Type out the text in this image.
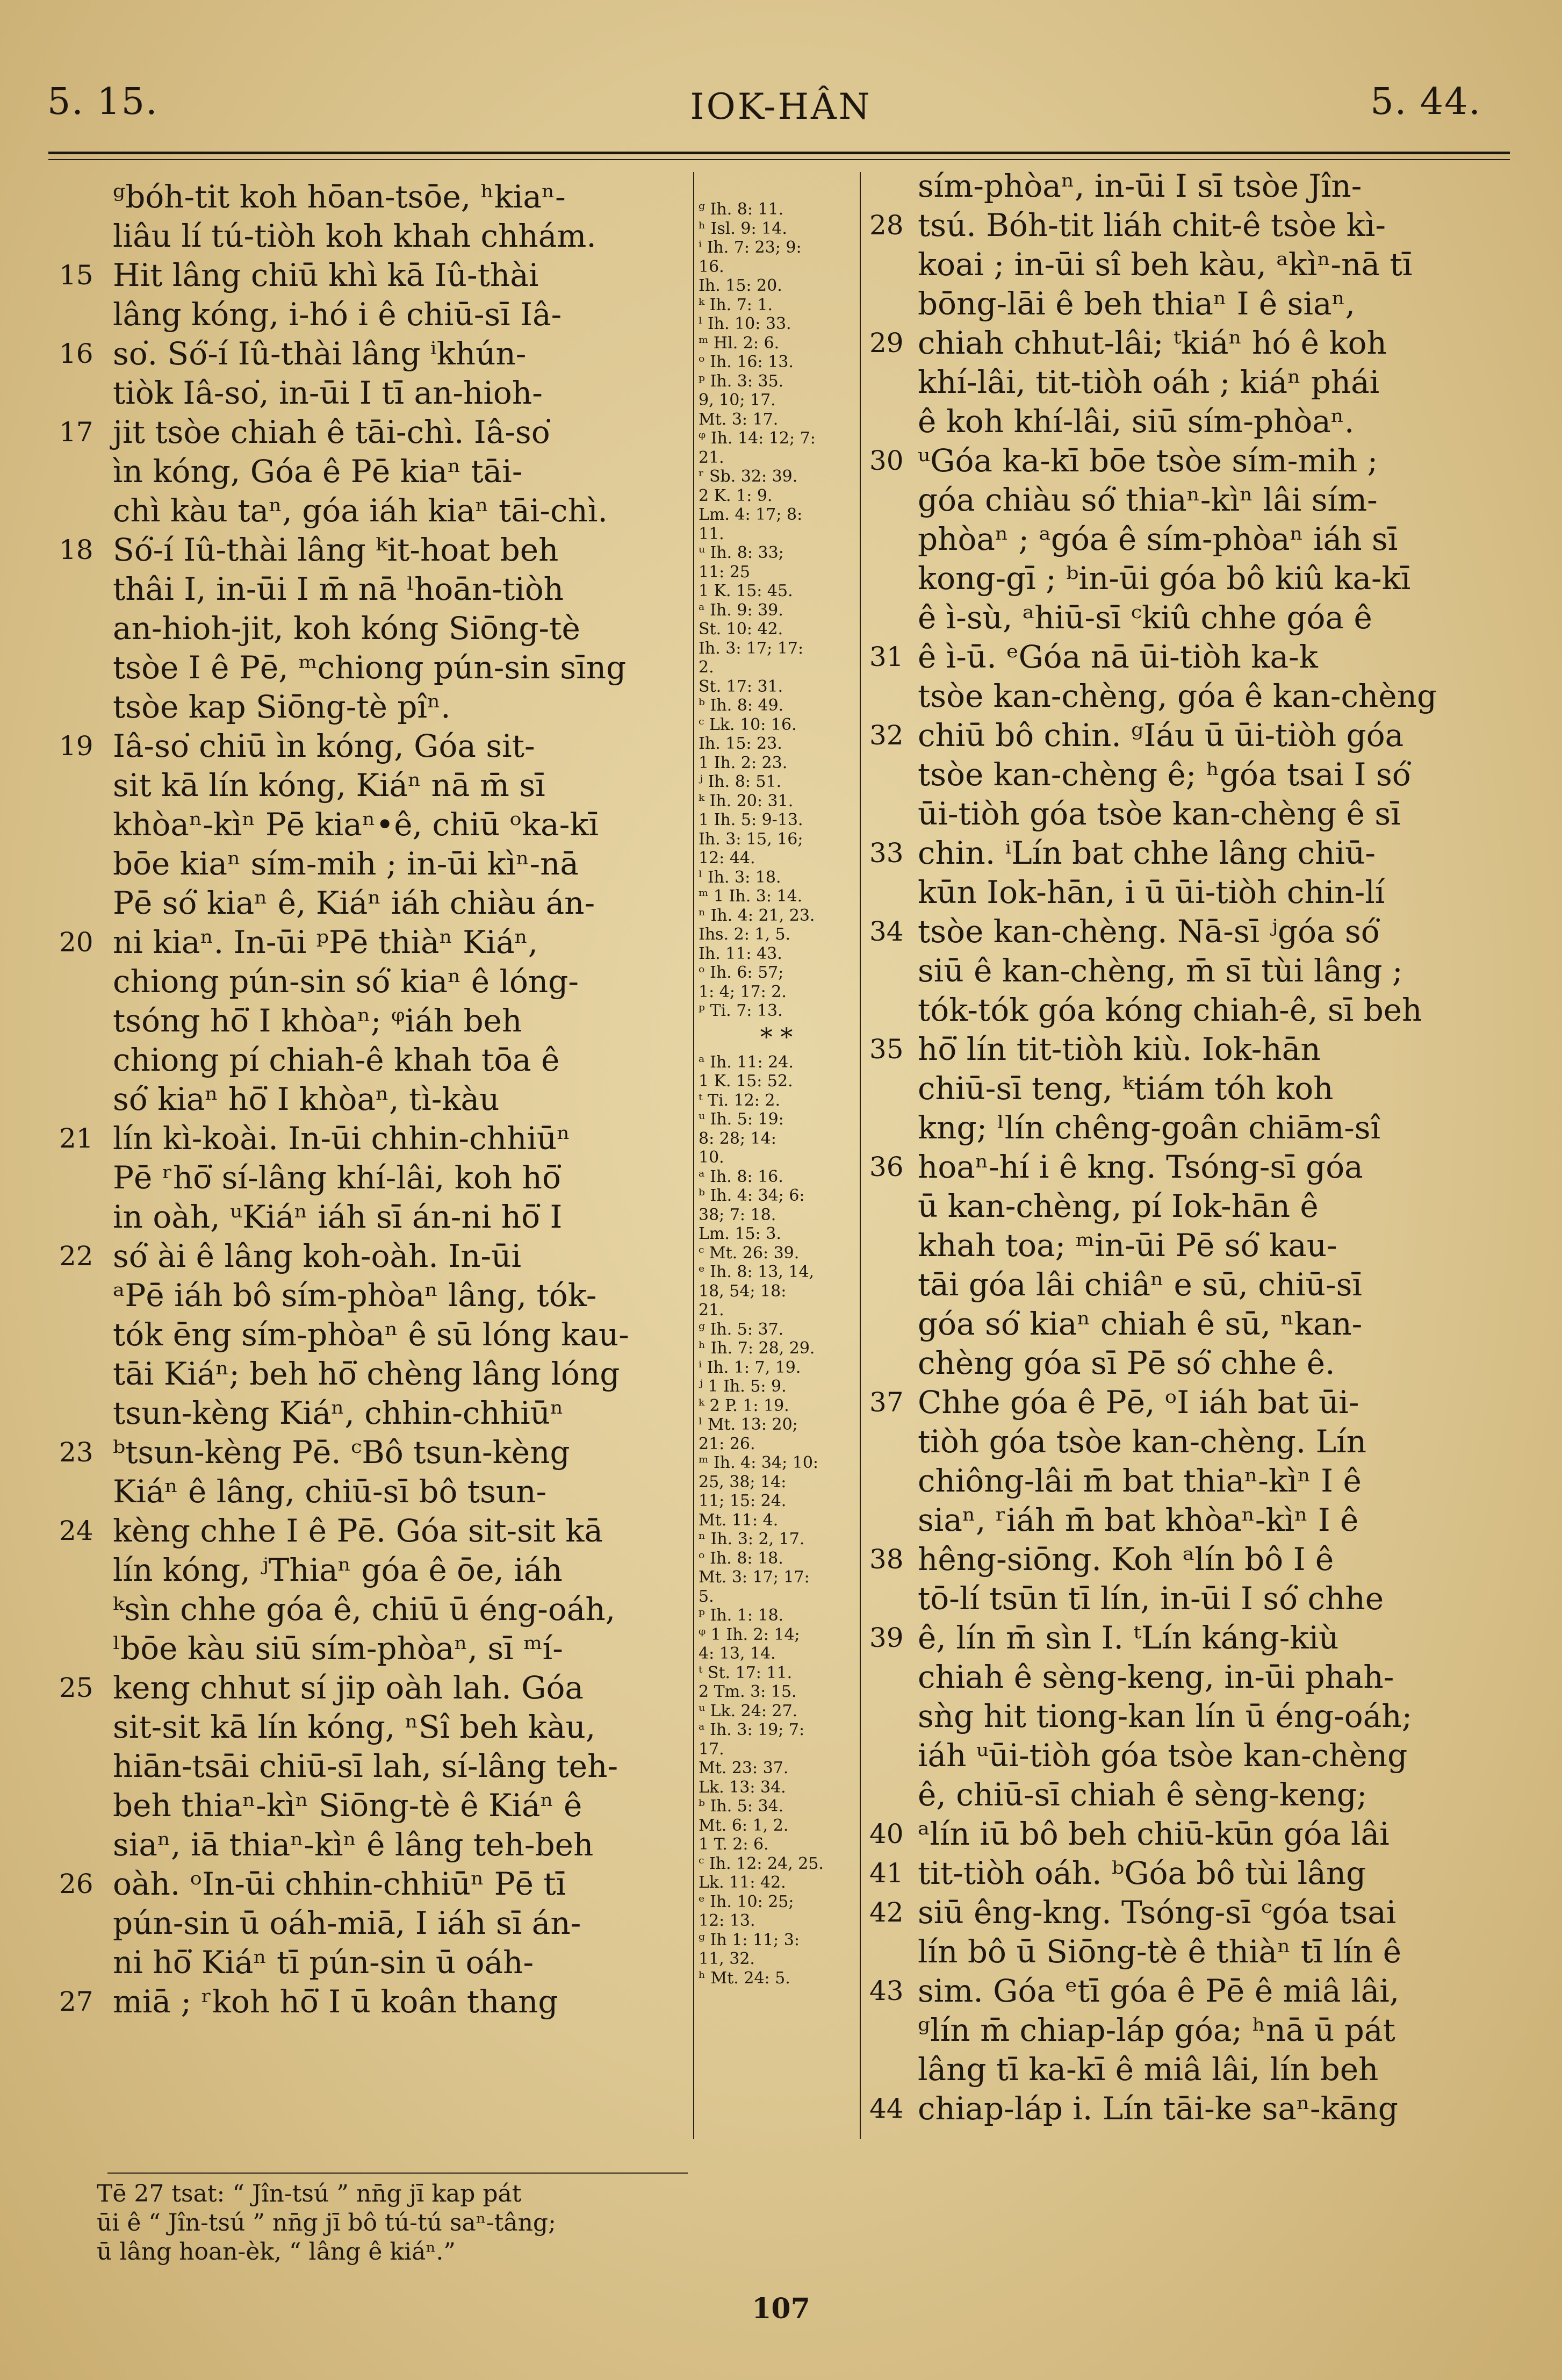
5. 15.	IOK-HÂN	5. 44.
ᵍbóh-tit koh hōan-tsōe, ʰkiaⁿ-
liâu lí tú-tiòh koh khah chhám.
15 Hit lâng chiū khì kā Iû-thài
lâng kóng, i-hó i ê chiū-sī Iâ-
16 so͘. Só͘-í Iû-thài lâng ⁱkhún-
tiòk Iâ-so͘, in-ūi I tī an-hioh-
17 jit tsòe chiah ê tāi-chì. Iâ-so͘
ìn kóng, Góa ê Pē kiaⁿ tāi-
chì kàu taⁿ, góa iáh kiaⁿ tāi-chì.
18 Só͘-í Iû-thài lâng ᵏit-hoat beh
thâi I, in-ūi I m̄ nā ˡhoān-tiòh
an-hioh-jit, koh kóng Siōng-tè
tsòe I ê Pē, ᵐchiong pún-sin sīng
tsòe kap Siōng-tè pîⁿ.
19 Iâ-so͘ chiū ìn kóng, Góa sit-
sit kā lín kóng, Kiáⁿ nā m̄ sī
khòaⁿ-kìⁿ Pē kiaⁿ•ê, chiū ᵒka-kī
bōe kiaⁿ sím-mih ; in-ūi kìⁿ-nā
Pē só͘ kiaⁿ ê, Kiáⁿ iáh chiàu án-
20 ni kiaⁿ. In-ūi ᵖPē thiàⁿ Kiáⁿ,
chiong pún-sin só͘ kiaⁿ ê lóng-
tsóng hō͘ I khòaⁿ; ᵠiáh beh
chiong pí chiah-ê khah tōa ê
só͘ kiaⁿ hō͘ I khòaⁿ, tì-kàu
21 lín kì-koài. In-ūi chhin-chhiūⁿ
Pē ʳhō͘ sí-lâng khí-lâi, koh hō͘
in oàh, ᵘKiáⁿ iáh sī án-ni hō͘ I
22 só͘ ài ê lâng koh-oàh. In-ūi
ᵃPē iáh bô sím-phòaⁿ lâng, tók-
tók ēng sím-phòaⁿ ê sū lóng kau-
tāi Kiáⁿ; beh hō͘ chèng lâng lóng
tsun-kèng Kiáⁿ, chhin-chhiūⁿ
23 ᵇtsun-kèng Pē. ᶜBô tsun-kèng
Kiáⁿ ê lâng, chiū-sī bô tsun-
24 kèng chhe I ê Pē. Góa sit-sit kā
lín kóng, ʲThiaⁿ góa ê ōe, iáh
ᵏsìn chhe góa ê, chiū ū éng-oáh,
ˡbōe kàu siū sím-phòaⁿ, sī ᵐí-
25 keng chhut sí jip oàh lah. Góa
sit-sit kā lín kóng, ⁿSî beh kàu,
hiān-tsāi chiū-sī lah, sí-lâng teh-
beh thiaⁿ-kìⁿ Siōng-tè ê Kiáⁿ ê
siaⁿ, iā thiaⁿ-kìⁿ ê lâng teh-beh
26 oàh. ᵒIn-ūi chhin-chhiūⁿ Pē tī
pún-sin ū oáh-miā, I iáh sī án-
ni hō͘ Kiáⁿ tī pún-sin ū oáh-
27 miā ; ʳkoh hō͘ I ū koân thang
ᵍ Ih. 8: 11.
ʰ Isl. 9: 14.
ⁱ Ih. 7: 23; 9:
16.
Ih. 15: 20.
ᵏ Ih. 7: 1.
ˡ Ih. 10: 33.
ᵐ Hl. 2: 6.
ᵒ Ih. 16: 13.
ᵖ Ih. 3: 35.
9, 10; 17.
Mt. 3: 17.
ᵠ Ih. 14: 12; 7:
21.
ʳ Sb. 32: 39.
2 K. 1: 9.
Lm. 4: 17; 8:
11.
ᵘ Ih. 8: 33;
11: 25
1 K. 15: 45.
ᵃ Ih. 9: 39.
St. 10: 42.
Ih. 3: 17; 17:
2.
St. 17: 31.
ᵇ Ih. 8: 49.
ᶜ Lk. 10: 16.
Ih. 15: 23.
1 Ih. 2: 23.
ʲ Ih. 8: 51.
ᵏ Ih. 20: 31.
1 Ih. 5: 9-13.
Ih. 3: 15, 16;
12: 44.
ˡ Ih. 3: 18.
ᵐ 1 Ih. 3: 14.
ⁿ Ih. 4: 21, 23.
Ihs. 2: 1, 5.
Ih. 11: 43.
ᵒ Ih. 6: 57;
1: 4; 17: 2.
ᵖ Ti. 7: 13.
* *
ᵃ Ih. 11: 24.
1 K. 15: 52.
ᵗ Ti. 12: 2.
ᵘ Ih. 5: 19:
8: 28; 14:
10.
ᵃ Ih. 8: 16.
ᵇ Ih. 4: 34; 6:
38; 7: 18.
Lm. 15: 3.
ᶜ Mt. 26: 39.
ᵉ Ih. 8: 13, 14,
18, 54; 18:
21.
ᵍ Ih. 5: 37.
ʰ Ih. 7: 28, 29.
ⁱ Ih. 1: 7, 19.
ʲ 1 Ih. 5: 9.
ᵏ 2 P. 1: 19.
ˡ Mt. 13: 20;
21: 26.
ᵐ Ih. 4: 34; 10:
25, 38; 14:
11; 15: 24.
Mt. 11: 4.
ⁿ Ih. 3: 2, 17.
ᵒ Ih. 8: 18.
Mt. 3: 17; 17:
5.
ᵖ Ih. 1: 18.
ᵠ 1 Ih. 2: 14;
4: 13, 14.
ᵗ St. 17: 11.
2 Tm. 3: 15.
ᵘ Lk. 24: 27.
ᵃ Ih. 3: 19; 7:
17.
Mt. 23: 37.
Lk. 13: 34.
ᵇ Ih. 5: 34.
Mt. 6: 1, 2.
1 T. 2: 6.
ᶜ Ih. 12: 24, 25.
Lk. 11: 42.
ᵉ Ih. 10: 25;
12: 13.
ᵍ Ih 1: 11; 3:
11, 32.
ʰ Mt. 24: 5.
sím-phòaⁿ, in-ūi I sī tsòe Jîn-
28 tsú. Bóh-tit liáh chit-ê tsòe kì-
koai ; in-ūi sî beh kàu, ᵃkìⁿ-nā tī
bōng-lāi ê beh thiaⁿ I ê siaⁿ,
29 chiah chhut-lâi; ᵗkiáⁿ hó ê koh
khí-lâi, tit-tiòh oáh ; kiáⁿ phái
ê koh khí-lâi, siū sím-phòaⁿ.
30 ᵘGóa ka-kī bōe tsòe sím-mih ;
góa chiàu só͘ thiaⁿ-kìⁿ lâi sím-
phòaⁿ ; ᵃgóa ê sím-phòaⁿ iáh sī
kong-gī ; ᵇin-ūi góa bô kiû ka-kī
ê ì-sù, ᵃhiū-sī ᶜkiû chhe góa ê
31 ê ì-ū. ᵉGóa nā ūi-tiòh ka-k
tsòe kan-chèng, góa ê kan-chèng
32 chiū bô chin. ᵍIáu ū ūi-tiòh góa
tsòe kan-chèng ê; ʰgóa tsai I só͘
ūi-tiòh góa tsòe kan-chèng ê sī
33 chin. ⁱLín bat chhe lâng chiū-
kūn Iok-hān, i ū ūi-tiòh chin-lí
34 tsòe kan-chèng. Nā-sī ʲgóa só͘
siū ê kan-chèng, m̄ sī tùi lâng ;
tók-tók góa kóng chiah-ê, sī beh
35 hō͘ lín tit-tiòh kiù. Iok-hān
chiū-sī teng, ᵏtiám tóh koh
kng; ˡlín chêng-goân chiām-sî
36 hoaⁿ-hí i ê kng. Tsóng-sī góa
ū kan-chèng, pí Iok-hān ê
khah toa; ᵐin-ūi Pē só͘ kau-
tāi góa lâi chiâⁿ e sū, chiū-sī
góa só͘ kiaⁿ chiah ê sū, ⁿkan-
chèng góa sī Pē só͘ chhe ê.
37 Chhe góa ê Pē, ᵒI iáh bat ūi-
tiòh góa tsòe kan-chèng. Lín
chiông-lâi m̄ bat thiaⁿ-kìⁿ I ê
siaⁿ, ʳiáh m̄ bat khòaⁿ-kìⁿ I ê
38 hêng-siōng. Koh ᵃlín bô I ê
tō-lí tsūn tī lín, in-ūi I só͘ chhe
39 ê, lín m̄ sìn I. ᵗLín káng-kiù
chiah ê sèng-keng, in-ūi phah-
sǹg hit tiong-kan lín ū éng-oáh;
iáh ᵘūi-tiòh góa tsòe kan-chèng
ê, chiū-sī chiah ê sèng-keng;
40 ᵃlín iū bô beh chiū-kūn góa lâi
41 tit-tiòh oáh. ᵇGóa bô tùi lâng
42 siū êng-kng. Tsóng-sī ᶜgóa tsai
lín bô ū Siōng-tè ê thiàⁿ tī lín ê
43 sim. Góa ᵉtī góa ê Pē ê miâ lâi,
ᵍlín m̄ chiap-láp góa; ʰnā ū pát
lâng tī ka-kī ê miâ lâi, lín beh
chiap-láp i. Lín tāi-ke saⁿ-kāng
44
Tē 27 tsat: “ Jîn-tsú ” nn̄g jī kap pát
ūi ê “ Jîn-tsú ” nn̄g jī bô tú-tú saⁿ-tâng;
ū lâng hoan-èk, “ lâng ê kiáⁿ.”
107
